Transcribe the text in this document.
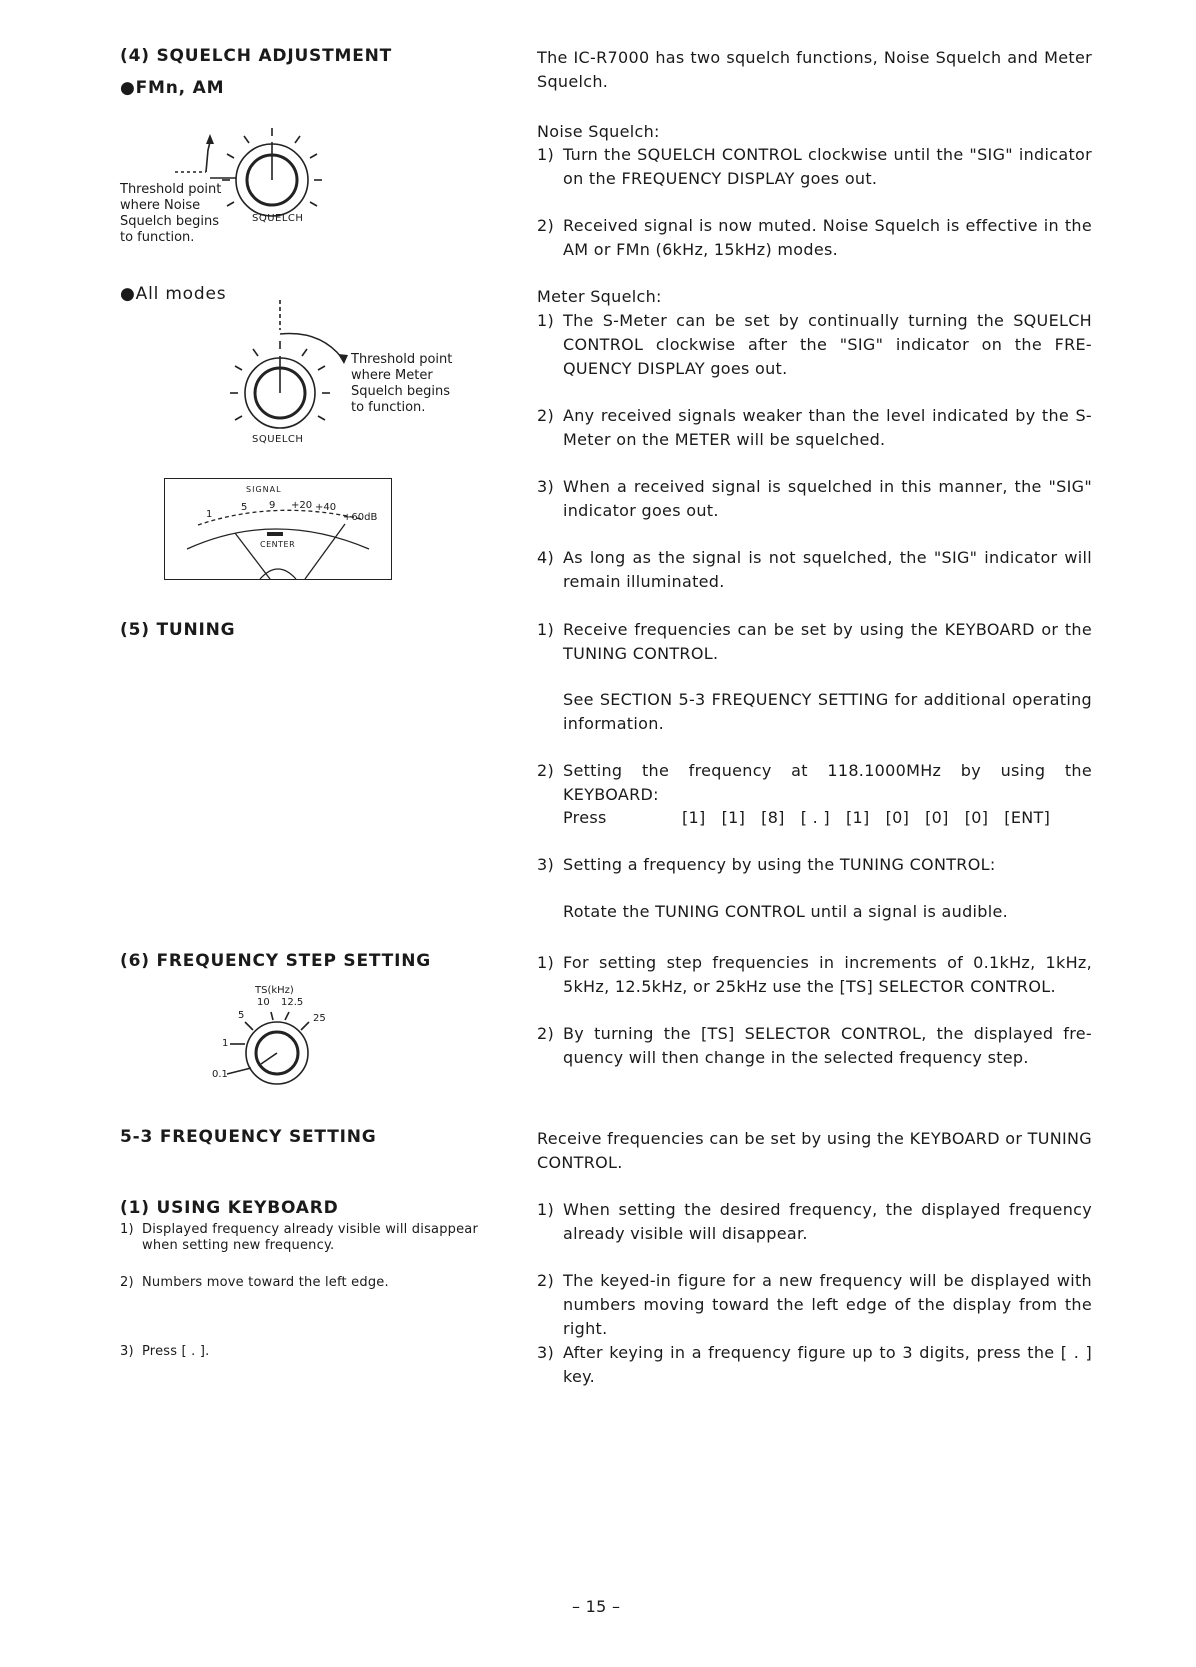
(4) SQUELCH ADJUSTMENT
●FMn, AM
Threshold point
where Noise
Squelch begins
to function.
SQUELCH
●All modes
Threshold point
where Meter
Squelch begins
to function.
SQUELCH
SIGNAL
1
5 9 +20 +40
+60dB
CENTER
(5) TUNING
(6) FREQUENCY STEP SETTING
TS(kHz)
0.1
1
5
10 12.5
25
5-3 FREQUENCY SETTING
(1) USING KEYBOARD
1) Displayed frequency already visible will disappear when setting new frequency.
2) Numbers move toward the left edge.
3) Press [ . ].
The IC-R7000 has two squelch functions, Noise Squelch and Meter Squelch.
Noise Squelch:
1) Turn the SQUELCH CONTROL clockwise until the "SIG" indicator on the FREQUENCY DISPLAY goes out.
2) Received signal is now muted. Noise Squelch is effective in the AM or FMn (6kHz, 15kHz) modes.
Meter Squelch:
1) The S-Meter can be set by continually turning the SQUELCH CONTROL clockwise after the "SIG" indicator on the FRE-QUENCY DISPLAY goes out.
2) Any received signals weaker than the level indicated by the S-Meter on the METER will be squelched.
3) When a received signal is squelched in this manner, the "SIG" indicator goes out.
4) As long as the signal is not squelched, the "SIG" indicator will remain illuminated.
1) Receive frequencies can be set by using the KEYBOARD or the TUNING CONTROL.
See SECTION 5-3 FREQUENCY SETTING for additional operating information.
2) Setting the frequency at 118.1000MHz by using the KEYBOARD:
Press	[1] [1] [8] [ . ] [1] [0] [0] [0] [ENT]
3) Setting a frequency by using the TUNING CONTROL:
Rotate the TUNING CONTROL until a signal is audible.
1) For setting step frequencies in increments of 0.1kHz, 1kHz, 5kHz, 12.5kHz, or 25kHz use the [TS] SELECTOR CONTROL.
2) By turning the [TS] SELECTOR CONTROL, the displayed fre-quency will then change in the selected frequency step.
Receive frequencies can be set by using the KEYBOARD or TUNING CONTROL.
1) When setting the desired frequency, the displayed frequency already visible will disappear.
2) The keyed-in figure for a new frequency will be displayed with numbers moving toward the left edge of the display from the right.
3) After keying in a frequency figure up to 3 digits, press the [ . ] key.
– 15 –
